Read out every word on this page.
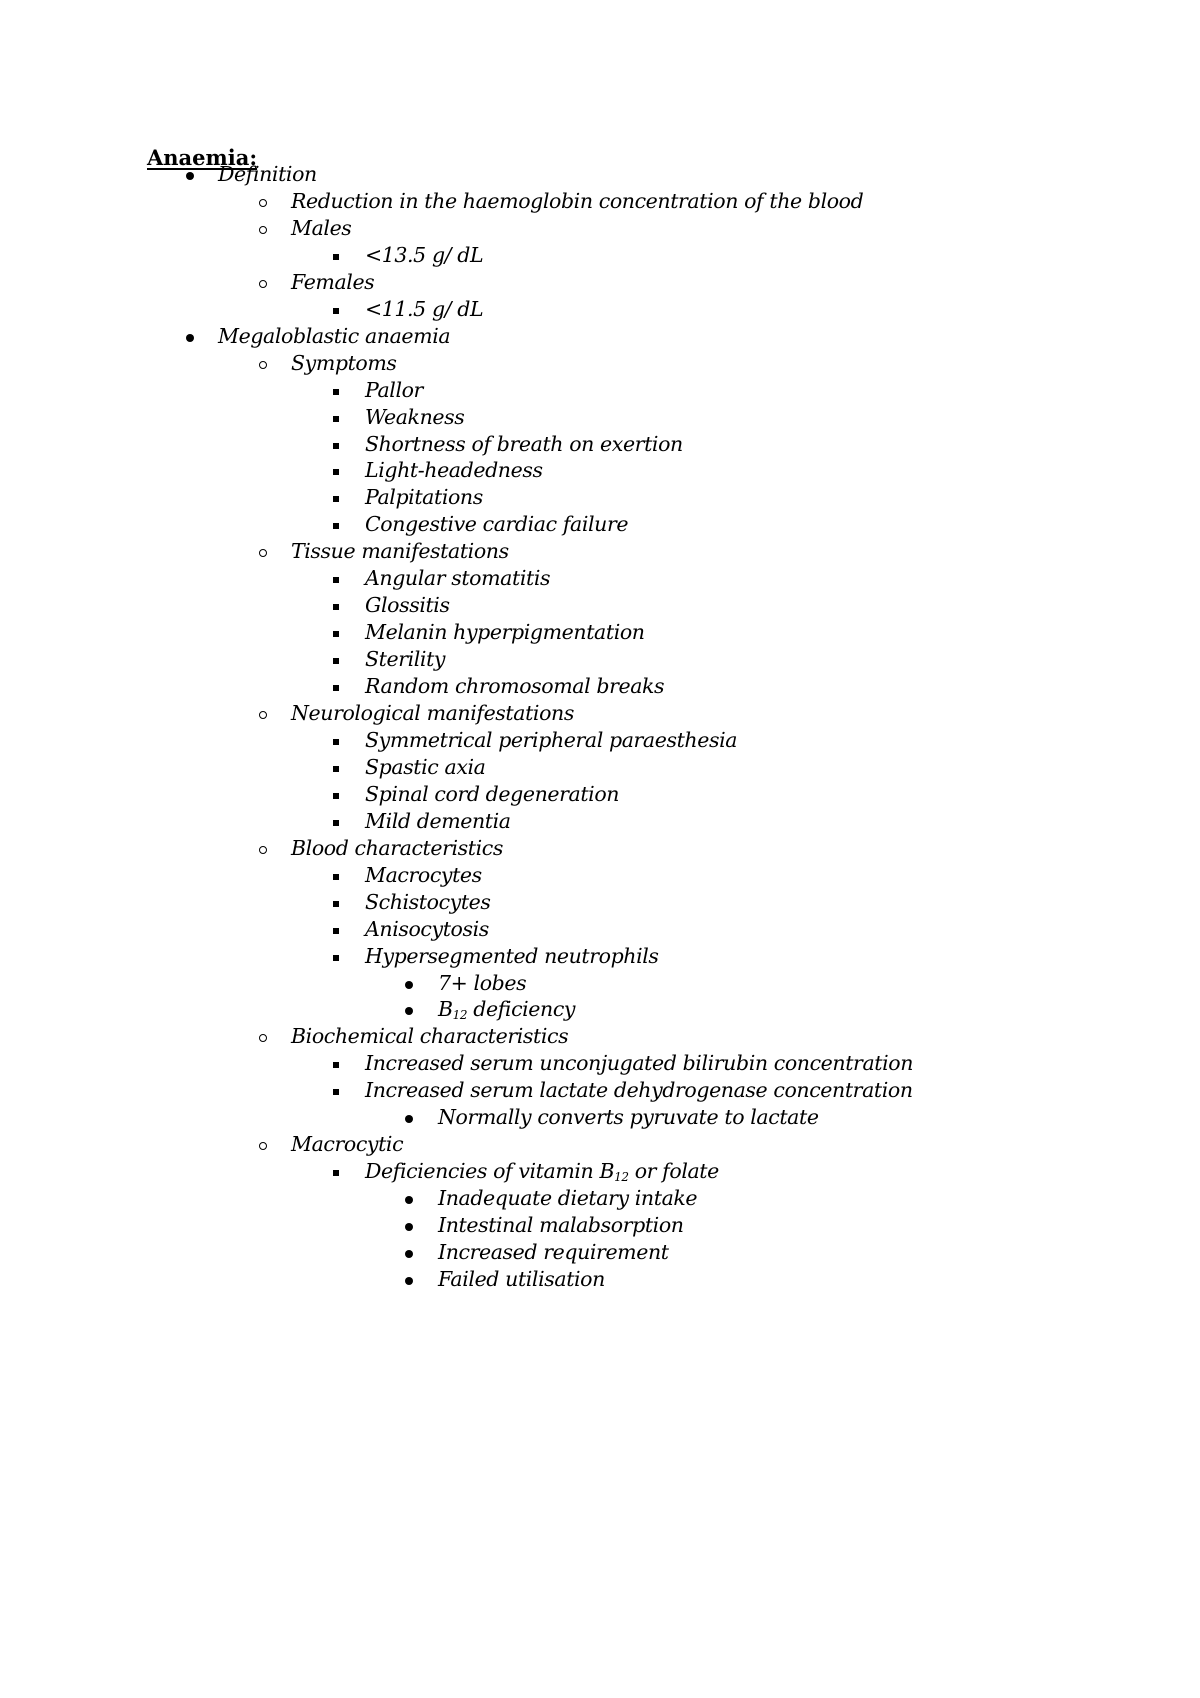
Anaemia:
Definition
Reduction in the haemoglobin concentration of the blood
Males
<13.5 g/ dL
Females
<11.5 g/ dL
Megaloblastic anaemia
Symptoms
Pallor
Weakness
Shortness of breath on exertion
Light-headedness
Palpitations
Congestive cardiac failure
Tissue manifestations
Angular stomatitis
Glossitis
Melanin hyperpigmentation
Sterility
Random chromosomal breaks
Neurological manifestations
Symmetrical peripheral paraesthesia
Spastic axia
Spinal cord degeneration
Mild dementia
Blood characteristics
Macrocytes
Schistocytes
Anisocytosis
Hypersegmented neutrophils
7+ lobes
$B_{12}$ deficiency
Biochemical characteristics
Increased serum unconjugated bilirubin concentration
Increased serum lactate dehydrogenase concentration
Normally converts pyruvate to lactate
Macrocytic
Deficiencies of vitamin $B_{12}$ or folate
Inadequate dietary intake
Intestinal malabsorption
Increased requirement
Failed utilisation
